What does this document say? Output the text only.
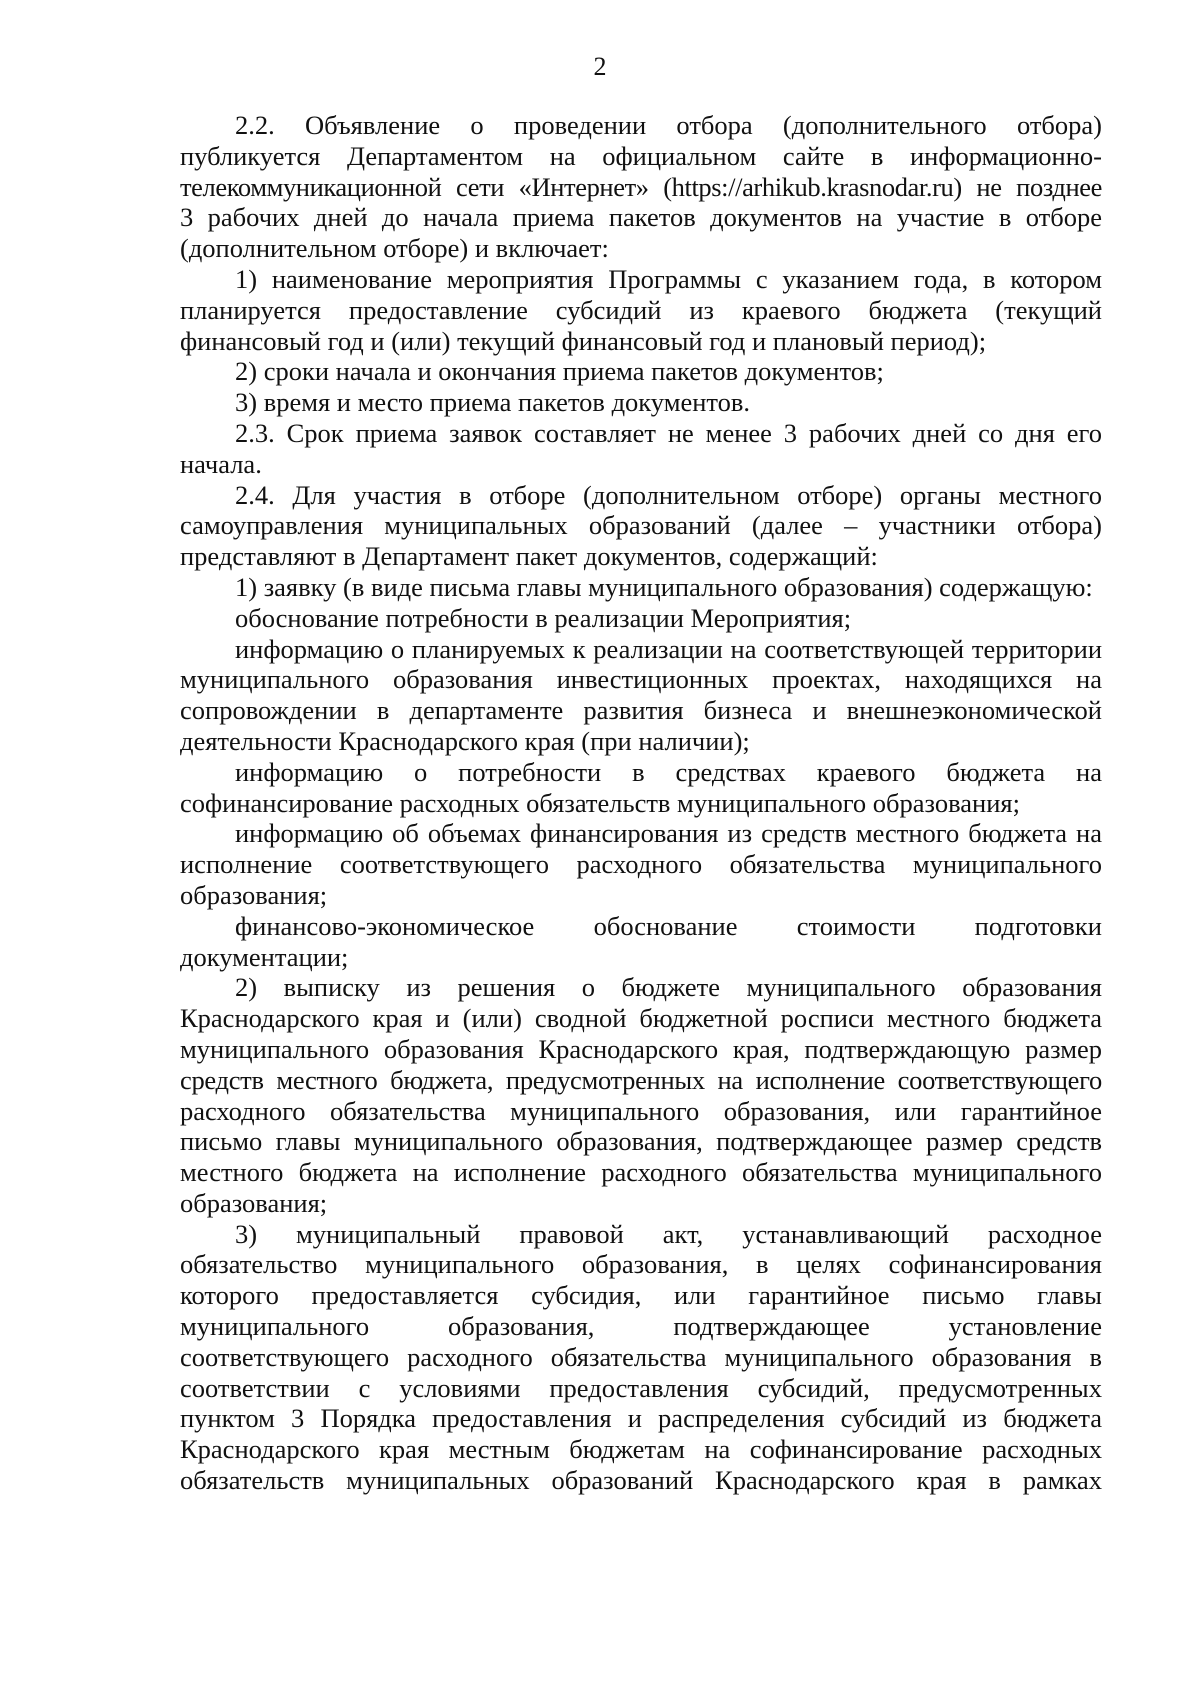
2
2.2. Объявление о проведении отбора (дополнительного отбора)
публикуется Департаментом на официальном сайте в информационно-
телекоммуникационной сети «Интернет» (https://arhikub.krasnodar.ru) не позднее
3 рабочих дней до начала приема пакетов документов на участие в отборе
(дополнительном отборе) и включает:
1) наименование мероприятия Программы с указанием года, в котором
планируется предоставление субсидий из краевого бюджета (текущий
финансовый год и (или) текущий финансовый год и плановый период);
2) сроки начала и окончания приема пакетов документов;
3) время и место приема пакетов документов.
2.3. Срок приема заявок составляет не менее 3 рабочих дней со дня его
начала.
2.4. Для участия в отборе (дополнительном отборе) органы местного
самоуправления муниципальных образований (далее – участники отбора)
представляют в Департамент пакет документов, содержащий:
1) заявку (в виде письма главы муниципального образования) содержащую:
обоснование потребности в реализации Мероприятия;
информацию о планируемых к реализации на соответствующей территории
муниципального образования инвестиционных проектах, находящихся на
сопровождении в департаменте развития бизнеса и внешнеэкономической
деятельности Краснодарского края (при наличии);
информацию о потребности в средствах краевого бюджета на
софинансирование расходных обязательств муниципального образования;
информацию об объемах финансирования из средств местного бюджета на
исполнение соответствующего расходного обязательства муниципального
образования;
финансово-экономическое обоснование стоимости подготовки
документации;
2) выписку из решения о бюджете муниципального образования
Краснодарского края и (или) сводной бюджетной росписи местного бюджета
муниципального образования Краснодарского края, подтверждающую размер
средств местного бюджета, предусмотренных на исполнение соответствующего
расходного обязательства муниципального образования, или гарантийное
письмо главы муниципального образования, подтверждающее размер средств
местного бюджета на исполнение расходного обязательства муниципального
образования;
3) муниципальный правовой акт, устанавливающий расходное
обязательство муниципального образования, в целях софинансирования
которого предоставляется субсидия, или гарантийное письмо главы
муниципального образования, подтверждающее установление
соответствующего расходного обязательства муниципального образования в
соответствии с условиями предоставления субсидий, предусмотренных
пунктом 3 Порядка предоставления и распределения субсидий из бюджета
Краснодарского края местным бюджетам на софинансирование расходных
обязательств муниципальных образований Краснодарского края в рамках
